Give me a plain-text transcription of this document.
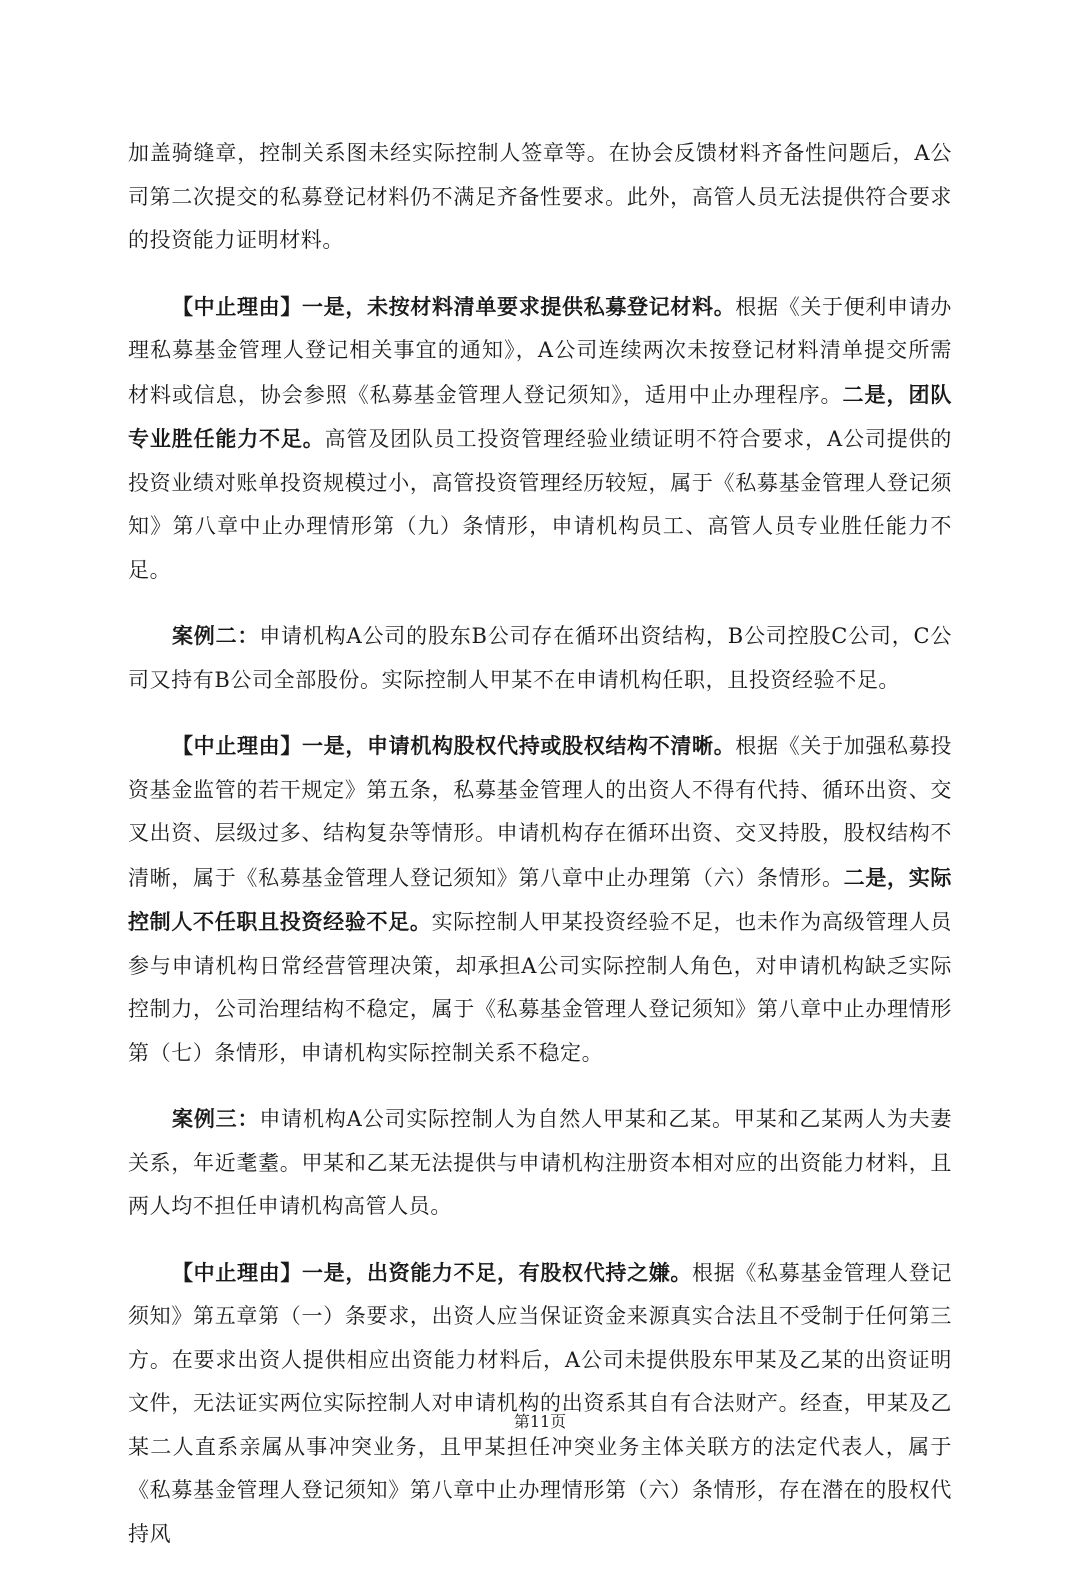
加盖骑缝章，控制关系图未经实际控制人签章等。在协会反馈材料齐备性问题后，A公司第二次提交的私募登记材料仍不满足齐备性要求。此外，高管人员无法提供符合要求的投资能力证明材料。

【中止理由】一是，未按材料清单要求提供私募登记材料。根据《关于便利申请办理私募基金管理人登记相关事宜的通知》，A公司连续两次未按登记材料清单提交所需材料或信息，协会参照《私募基金管理人登记须知》，适用中止办理程序。二是，团队专业胜任能力不足。高管及团队员工投资管理经验业绩证明不符合要求，A公司提供的投资业绩对账单投资规模过小，高管投资管理经历较短，属于《私募基金管理人登记须知》第八章中止办理情形第（九）条情形，申请机构员工、高管人员专业胜任能力不足。

案例二：申请机构A公司的股东B公司存在循环出资结构，B公司控股C公司，C公司又持有B公司全部股份。实际控制人甲某不在申请机构任职，且投资经验不足。

【中止理由】一是，申请机构股权代持或股权结构不清晰。根据《关于加强私募投资基金监管的若干规定》第五条，私募基金管理人的出资人不得有代持、循环出资、交叉出资、层级过多、结构复杂等情形。申请机构存在循环出资、交叉持股，股权结构不清晰，属于《私募基金管理人登记须知》第八章中止办理第（六）条情形。二是，实际控制人不任职且投资经验不足。实际控制人甲某投资经验不足，也未作为高级管理人员参与申请机构日常经营管理决策，却承担A公司实际控制人角色，对申请机构缺乏实际控制力，公司治理结构不稳定，属于《私募基金管理人登记须知》第八章中止办理情形第（七）条情形，申请机构实际控制关系不稳定。

案例三：申请机构A公司实际控制人为自然人甲某和乙某。甲某和乙某两人为夫妻关系，年近耄耋。甲某和乙某无法提供与申请机构注册资本相对应的出资能力材料，且两人均不担任申请机构高管人员。

【中止理由】一是，出资能力不足，有股权代持之嫌。根据《私募基金管理人登记须知》第五章第（一）条要求，出资人应当保证资金来源真实合法且不受制于任何第三方。在要求出资人提供相应出资能力材料后，A公司未提供股东甲某及乙某的出资证明文件，无法证实两位实际控制人对申请机构的出资系其自有合法财产。经查，甲某及乙某二人直系亲属从事冲突业务，且甲某担任冲突业务主体关联方的法定代表人，属于《私募基金管理人登记须知》第八章中止办理情形第（六）条情形，存在潜在的股权代持风

第11页
